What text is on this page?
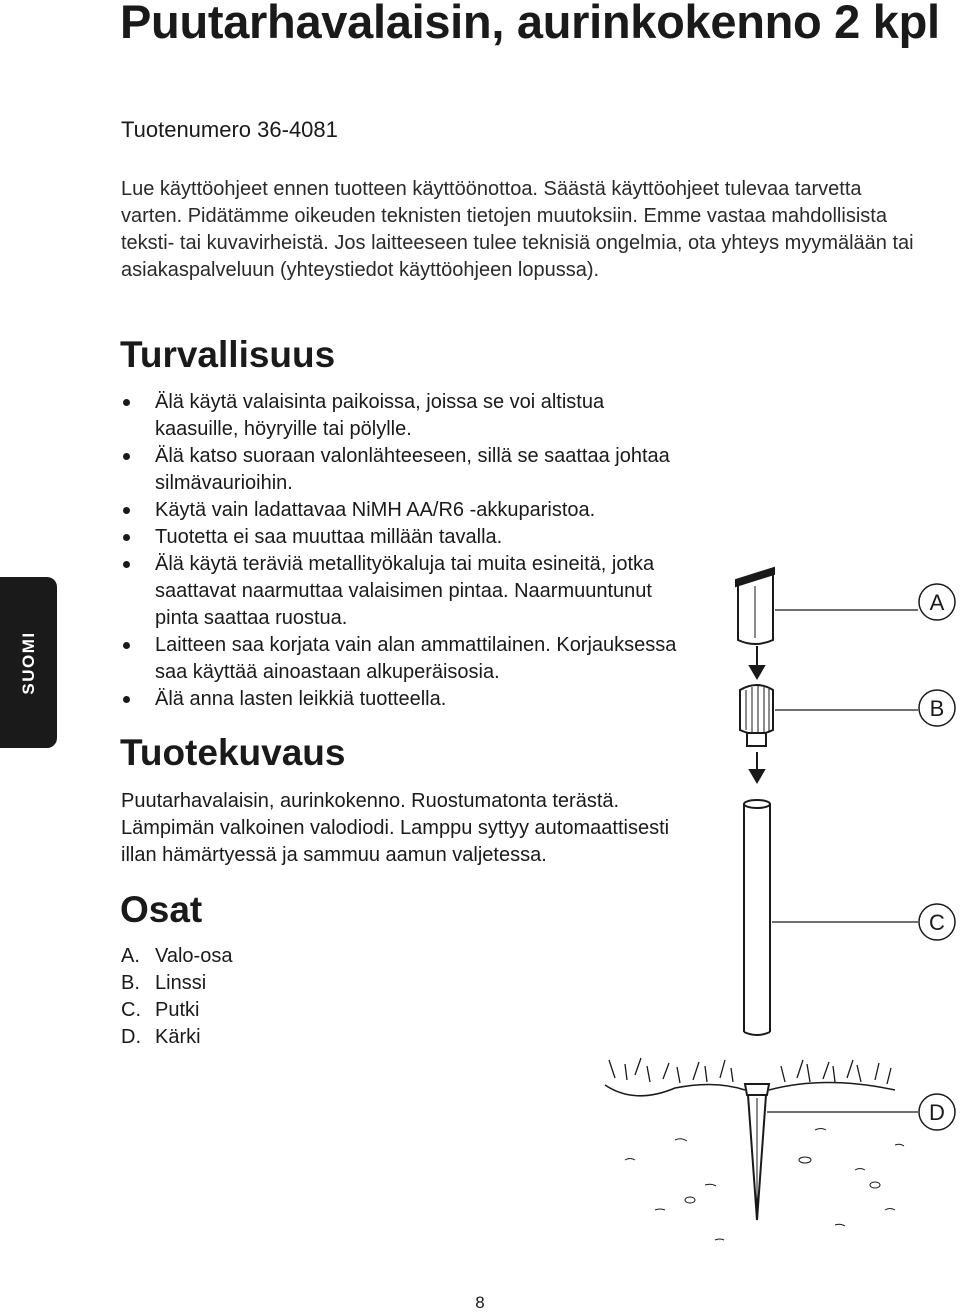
Puutarhavalaisin, aurinkokenno 2 kpl

Tuotenumero 36-4081

Lue käyttöohjeet ennen tuotteen käyttöönottoa. Säästä käyttöohjeet tulevaa tarvetta varten. Pidätämme oikeuden teknisten tietojen muutoksiin. Emme vastaa mahdollisista teksti- tai kuvavirheistä. Jos laitteeseen tulee teknisiä ongelmia, ota yhteys myymälään tai asiakaspalveluun (yhteystiedot käyttöohjeen lopussa).

Turvallisuus
Älä käytä valaisinta paikoissa, joissa se voi altistua kaasuille, höyryille tai pölylle.
Älä katso suoraan valonlähteeseen, sillä se saattaa johtaa silmävaurioihin.
Käytä vain ladattavaa NiMH AA/R6 -akkuparistoa.
Tuotetta ei saa muuttaa millään tavalla.
Älä käytä teräviä metallityökaluja tai muita esineitä, jotka saattavat naarmuttaa valaisimen pintaa. Naarmuuntunut pinta saattaa ruostua.
Laitteen saa korjata vain alan ammattilainen. Korjauksessa saa käyttää ainoastaan alkuperäisosia.
Älä anna lasten leikkiä tuotteella.
Tuotekuvaus

Puutarhavalaisin, aurinkokenno. Ruostumatonta terästä. Lämpimän valkoinen valodiodi. Lamppu syttyy automaattisesti illan hämärtyessä ja sammuu aamun valjetessa.

Osat
A. Valo-osa
B. Linssi
C. Putki
D. Kärki
SUOMI
A
B
C
D
8
